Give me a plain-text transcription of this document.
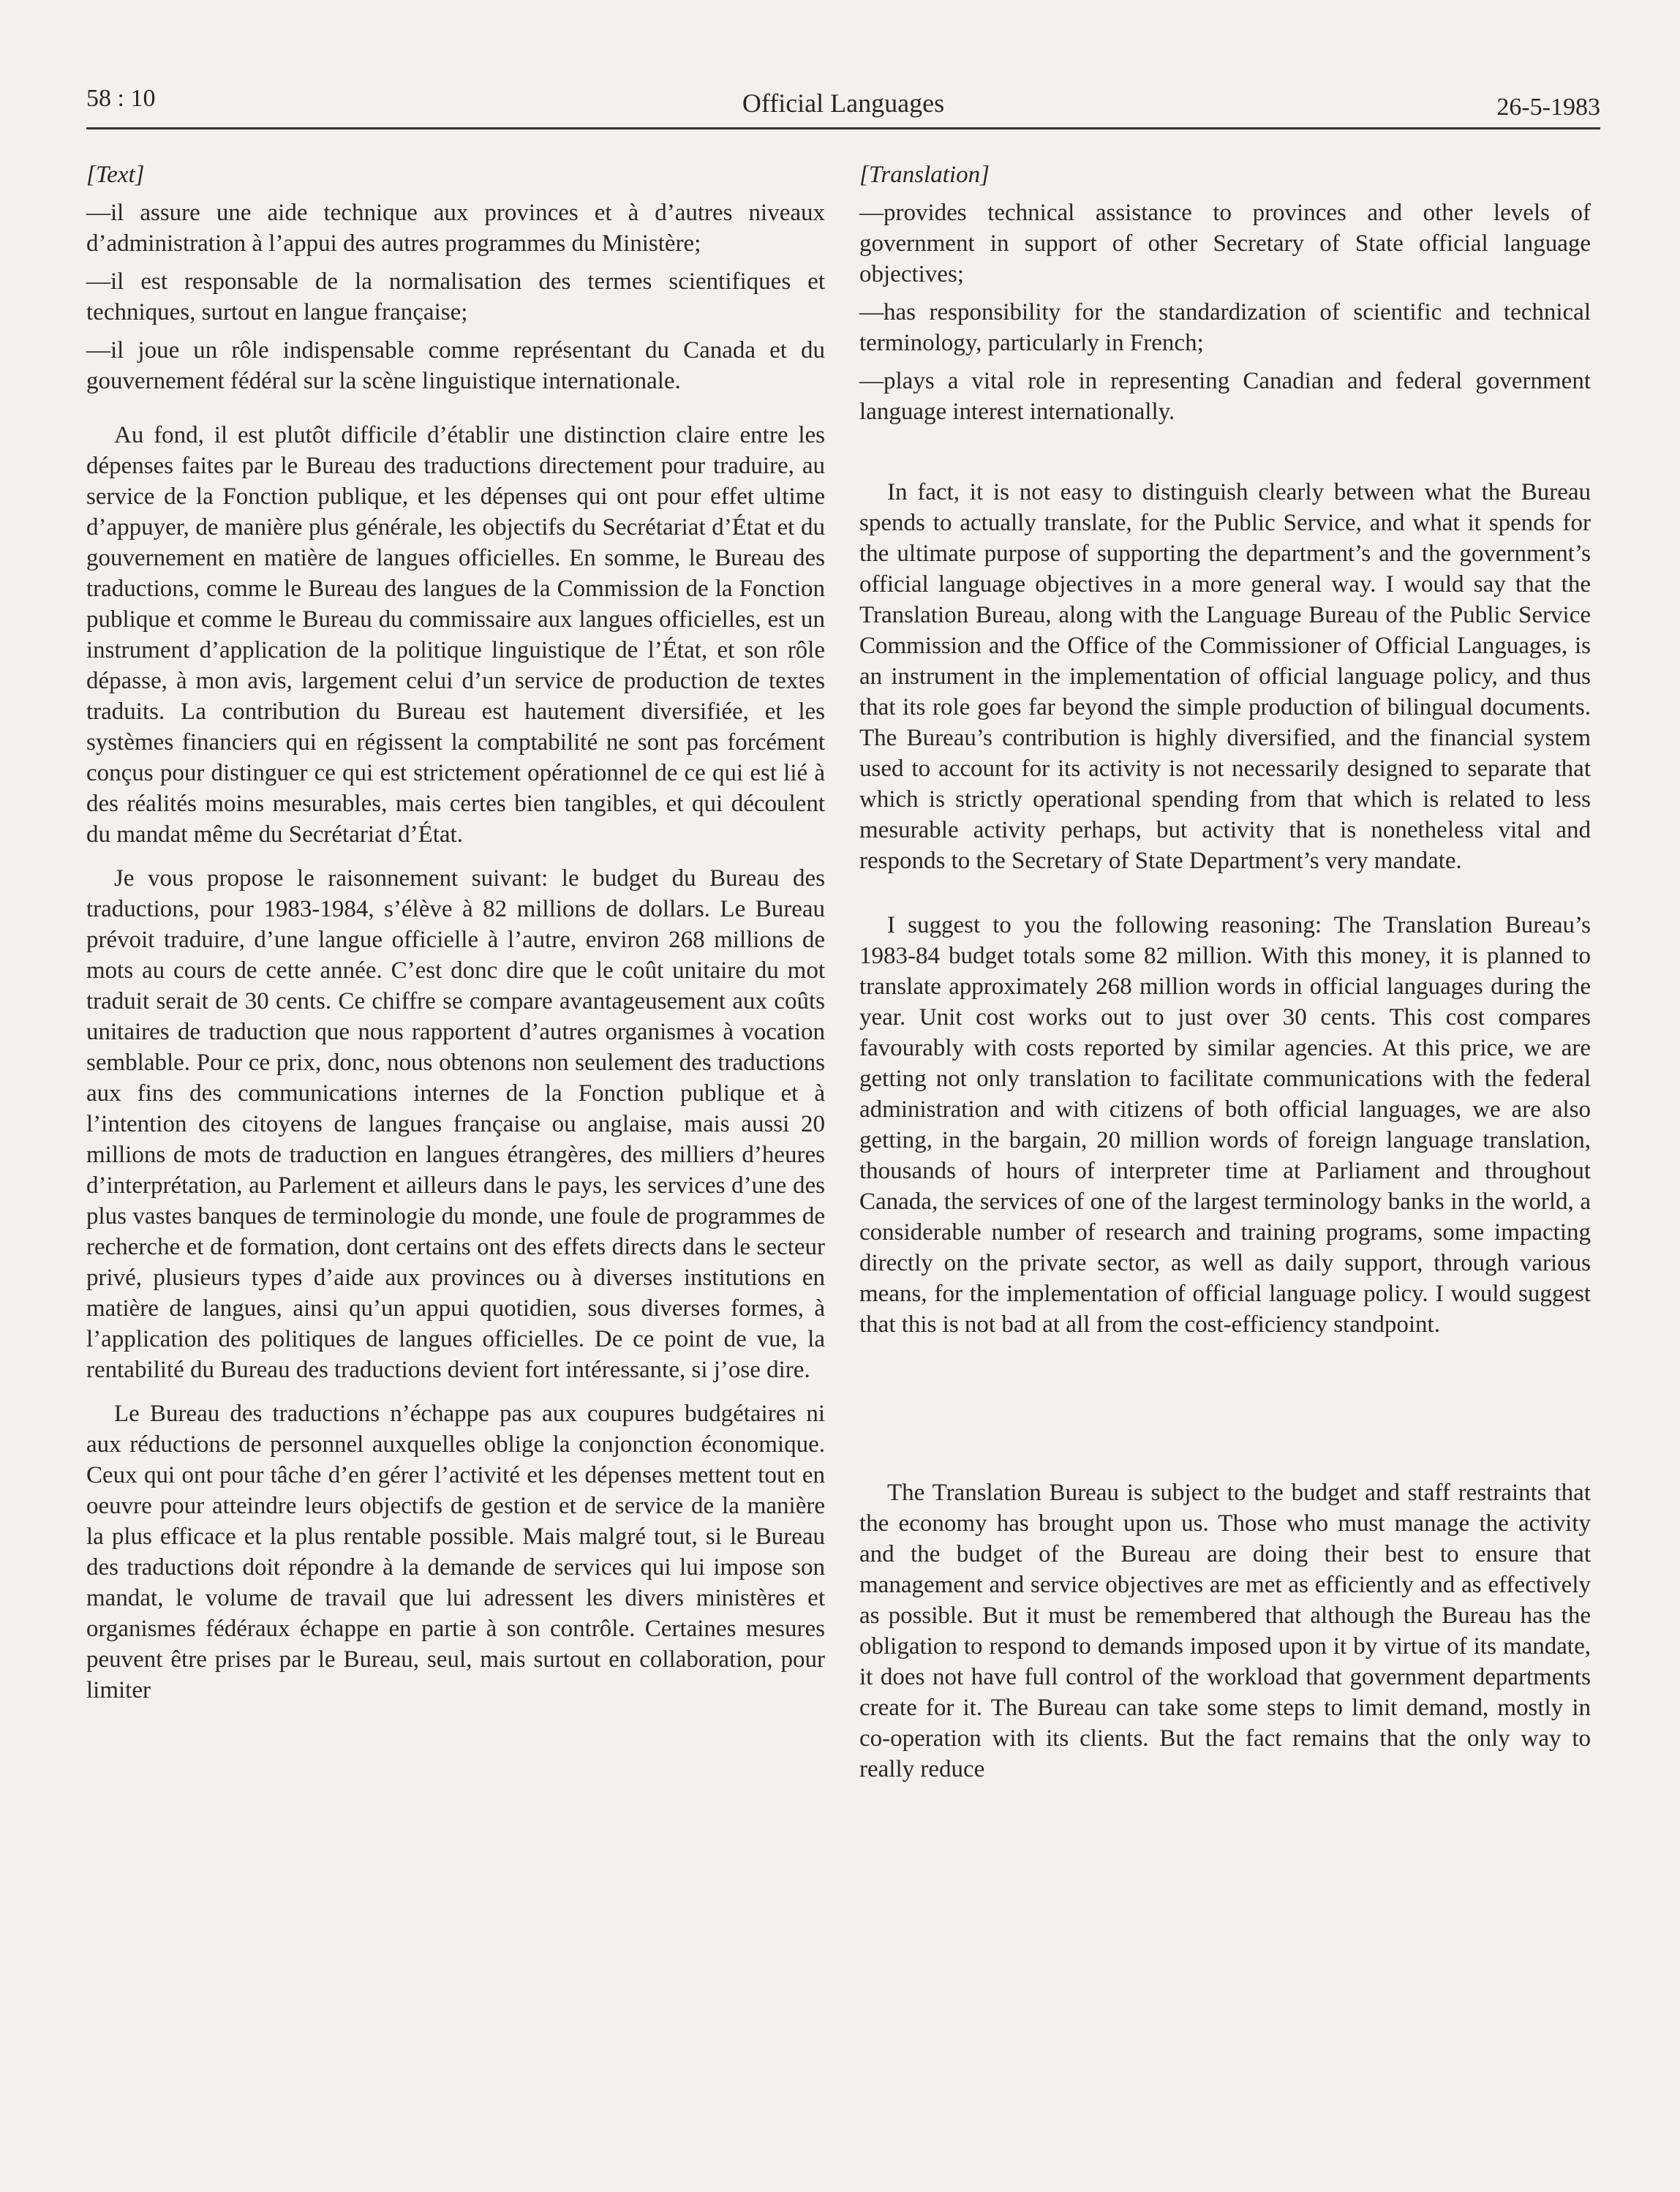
58 : 10	Official Languages	26-5-1983

[Text]

—il assure une aide technique aux provinces et à d’autres niveaux d’administration à l’appui des autres programmes du Ministère;

—il est responsable de la normalisation des termes scientifiques et techniques, surtout en langue française;

—il joue un rôle indispensable comme représentant du Canada et du gouvernement fédéral sur la scène linguistique internationale.

Au fond, il est plutôt difficile d’établir une distinction claire entre les dépenses faites par le Bureau des traductions directement pour traduire, au service de la Fonction publique, et les dépenses qui ont pour effet ultime d’appuyer, de manière plus générale, les objectifs du Secrétariat d’État et du gouvernement en matière de langues officielles. En somme, le Bureau des traductions, comme le Bureau des langues de la Commission de la Fonction publique et comme le Bureau du commissaire aux langues officielles, est un instrument d’application de la politique linguistique de l’État, et son rôle dépasse, à mon avis, largement celui d’un service de production de textes traduits. La contribution du Bureau est hautement diversifiée, et les systèmes financiers qui en régissent la comptabilité ne sont pas forcément conçus pour distinguer ce qui est strictement opérationnel de ce qui est lié à des réalités moins mesurables, mais certes bien tangibles, et qui découlent du mandat même du Secrétariat d’État.

Je vous propose le raisonnement suivant: le budget du Bureau des traductions, pour 1983-1984, s’élève à 82 millions de dollars. Le Bureau prévoit traduire, d’une langue officielle à l’autre, environ 268 millions de mots au cours de cette année. C’est donc dire que le coût unitaire du mot traduit serait de 30 cents. Ce chiffre se compare avantageusement aux coûts unitaires de traduction que nous rapportent d’autres organismes à vocation semblable. Pour ce prix, donc, nous obtenons non seulement des traductions aux fins des communications internes de la Fonction publique et à l’intention des citoyens de langues française ou anglaise, mais aussi 20 millions de mots de traduction en langues étrangères, des milliers d’heures d’interprétation, au Parlement et ailleurs dans le pays, les services d’une des plus vastes banques de terminologie du monde, une foule de programmes de recherche et de formation, dont certains ont des effets directs dans le secteur privé, plusieurs types d’aide aux provinces ou à diverses institutions en matière de langues, ainsi qu’un appui quotidien, sous diverses formes, à l’application des politiques de langues officielles. De ce point de vue, la rentabilité du Bureau des traductions devient fort intéressante, si j’ose dire.

Le Bureau des traductions n’échappe pas aux coupures budgétaires ni aux réductions de personnel auxquelles oblige la conjonction économique. Ceux qui ont pour tâche d’en gérer l’activité et les dépenses mettent tout en oeuvre pour atteindre leurs objectifs de gestion et de service de la manière la plus efficace et la plus rentable possible. Mais malgré tout, si le Bureau des traductions doit répondre à la demande de services qui lui impose son mandat, le volume de travail que lui adressent les divers ministères et organismes fédéraux échappe en partie à son contrôle. Certaines mesures peuvent être prises par le Bureau, seul, mais surtout en collaboration, pour limiter

[Translation]

—provides technical assistance to provinces and other levels of government in support of other Secretary of State official language objectives;

—has responsibility for the standardization of scientific and technical terminology, particularly in French;

—plays a vital role in representing Canadian and federal government language interest internationally.

In fact, it is not easy to distinguish clearly between what the Bureau spends to actually translate, for the Public Service, and what it spends for the ultimate purpose of supporting the department’s and the government’s official language objectives in a more general way. I would say that the Translation Bureau, along with the Language Bureau of the Public Service Commission and the Office of the Commissioner of Official Languages, is an instrument in the implementation of official language policy, and thus that its role goes far beyond the simple production of bilingual documents. The Bureau’s contribution is highly diversified, and the financial system used to account for its activity is not necessarily designed to separate that which is strictly operational spending from that which is related to less mesurable activity perhaps, but activity that is nonetheless vital and responds to the Secretary of State Department’s very mandate.

I suggest to you the following reasoning: The Translation Bureau’s 1983-84 budget totals some 82 million. With this money, it is planned to translate approximately 268 million words in official languages during the year. Unit cost works out to just over 30 cents. This cost compares favourably with costs reported by similar agencies. At this price, we are getting not only translation to facilitate communications with the federal administration and with citizens of both official languages, we are also getting, in the bargain, 20 million words of foreign language translation, thousands of hours of interpreter time at Parliament and throughout Canada, the services of one of the largest terminology banks in the world, a considerable number of research and training programs, some impacting directly on the private sector, as well as daily support, through various means, for the implementation of official language policy. I would suggest that this is not bad at all from the cost-efficiency standpoint.

The Translation Bureau is subject to the budget and staff restraints that the economy has brought upon us. Those who must manage the activity and the budget of the Bureau are doing their best to ensure that management and service objectives are met as efficiently and as effectively as possible. But it must be remembered that although the Bureau has the obligation to respond to demands imposed upon it by virtue of its mandate, it does not have full control of the workload that government departments create for it. The Bureau can take some steps to limit demand, mostly in co-operation with its clients. But the fact remains that the only way to really reduce
